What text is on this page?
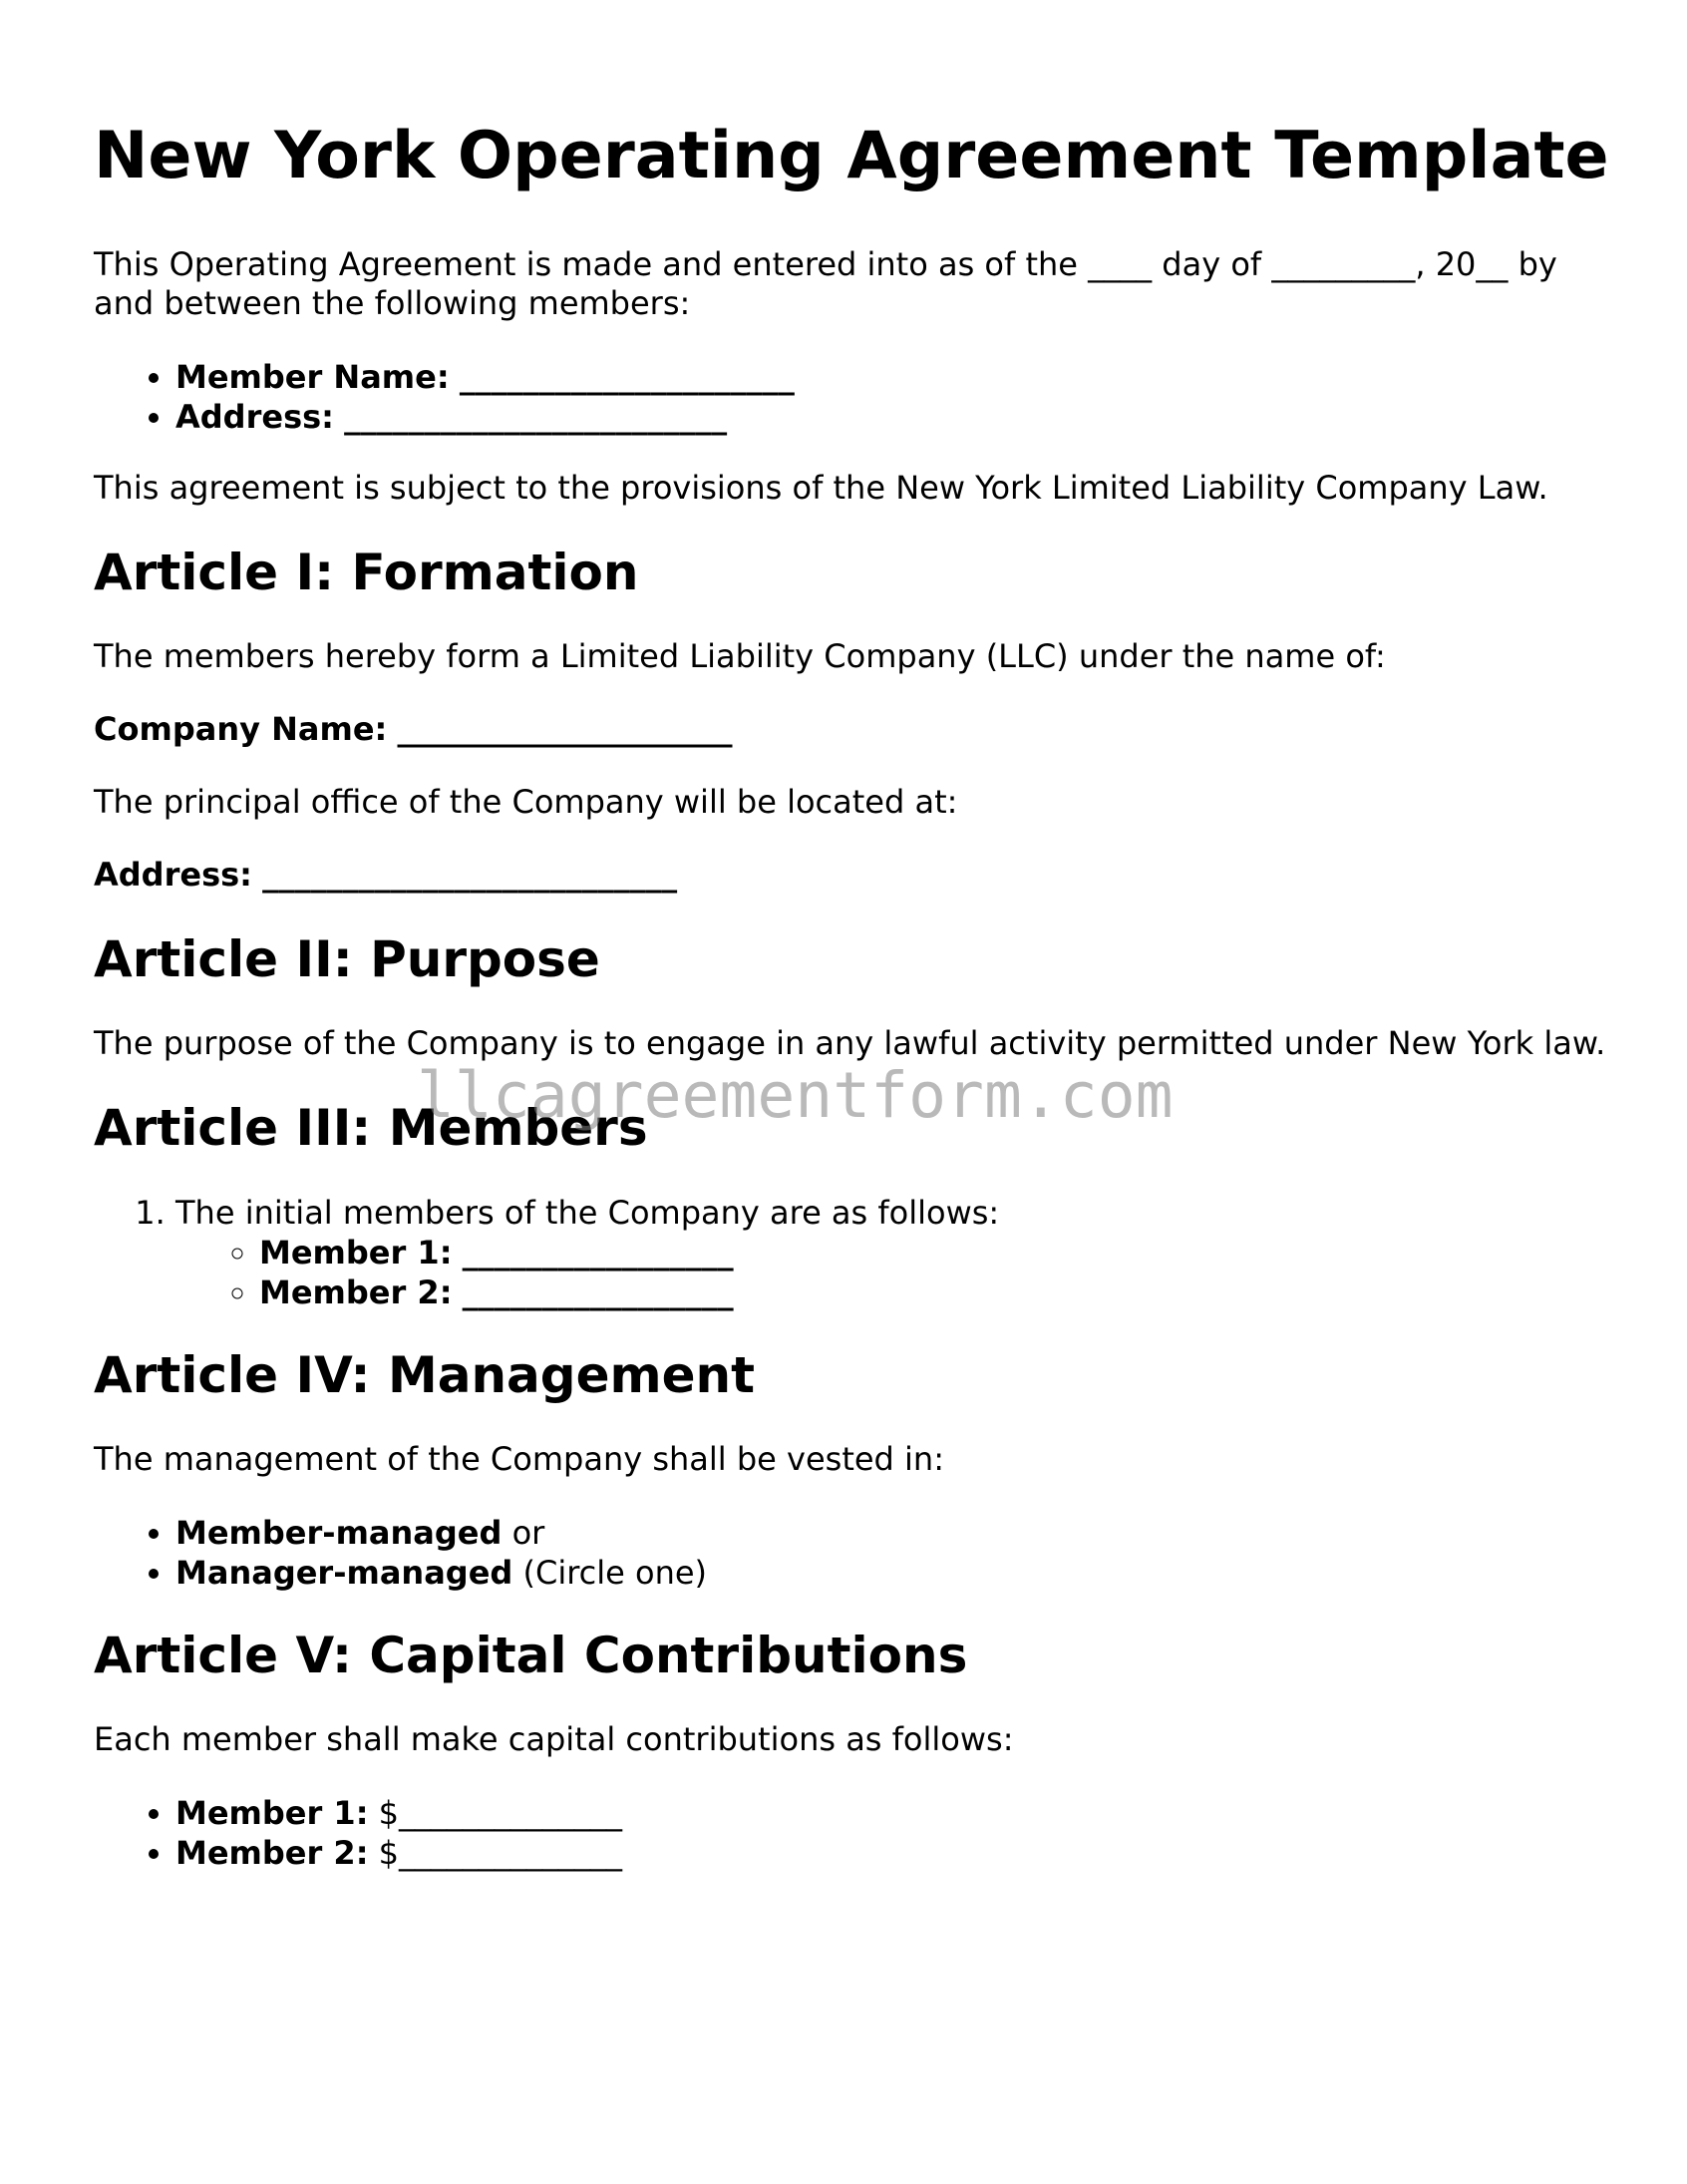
New York Operating Agreement Template

This Operating Agreement is made and entered into as of the ____ day of _________, 20__ by and between the following members:

• Member Name: _____________________
• Address: ________________________

This agreement is subject to the provisions of the New York Limited Liability Company Law.

Article I: Formation

The members hereby form a Limited Liability Company (LLC) under the name of:

Company Name: _____________________

The principal office of the Company will be located at:

Address: __________________________

Article II: Purpose

The purpose of the Company is to engage in any lawful activity permitted under New York law.

Article III: Members
1. The initial members of the Company are as follows:
◦ Member 1: _________________
◦ Member 2: _________________
Article IV: Management

The management of the Company shall be vested in:

• Member-managed or
• Manager-managed (Circle one)
Article V: Capital Contributions

Each member shall make capital contributions as follows:

• Member 1: $______________
• Member 2: $______________
llcagreementform.com
